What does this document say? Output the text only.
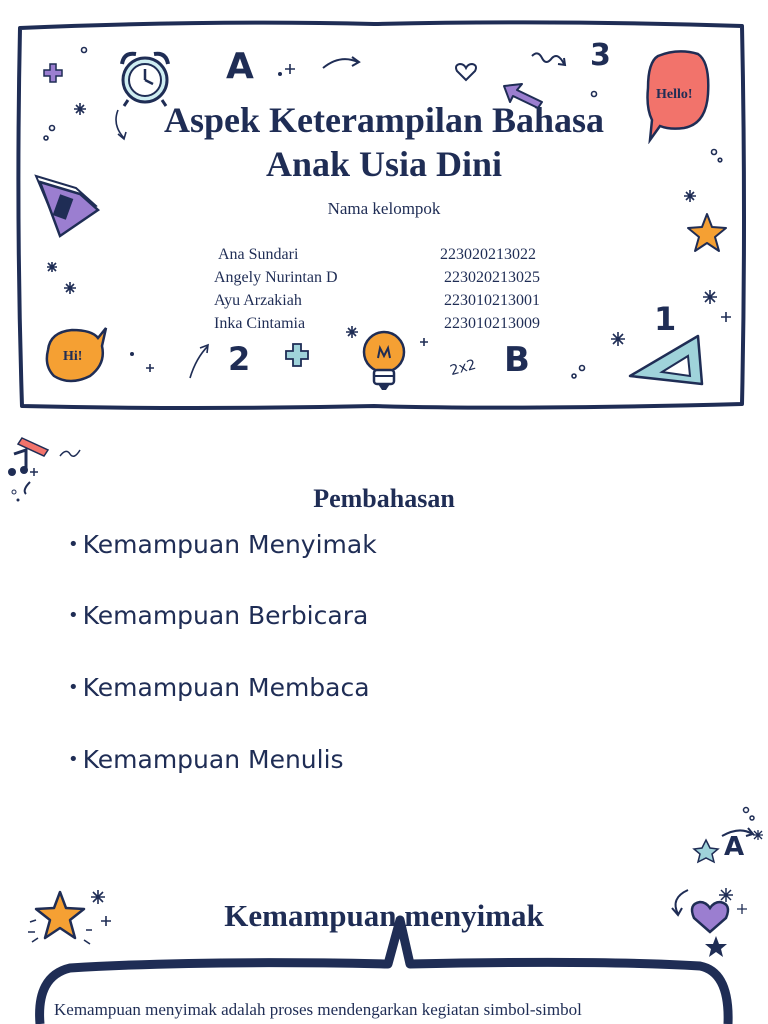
A	3
Hello!
1
Hi!	2	2x2 B
Aspek Keterampilan Bahasa
Anak Usia Dini
Nama kelompok
Ana Sundari	223020213022
Angely Nurintan D	223020213025
Ayu Arzakiah	223010213001
Inka Cintamia	223010213009
Pembahasan
• Kemampuan Menyimak
• Kemampuan Berbicara
• Kemampuan Membaca
• Kemampuan Menulis
Kemampuan menyimak
A
Kemampuan menyimak adalah proses mendengarkan kegiatan simbol-simbol
